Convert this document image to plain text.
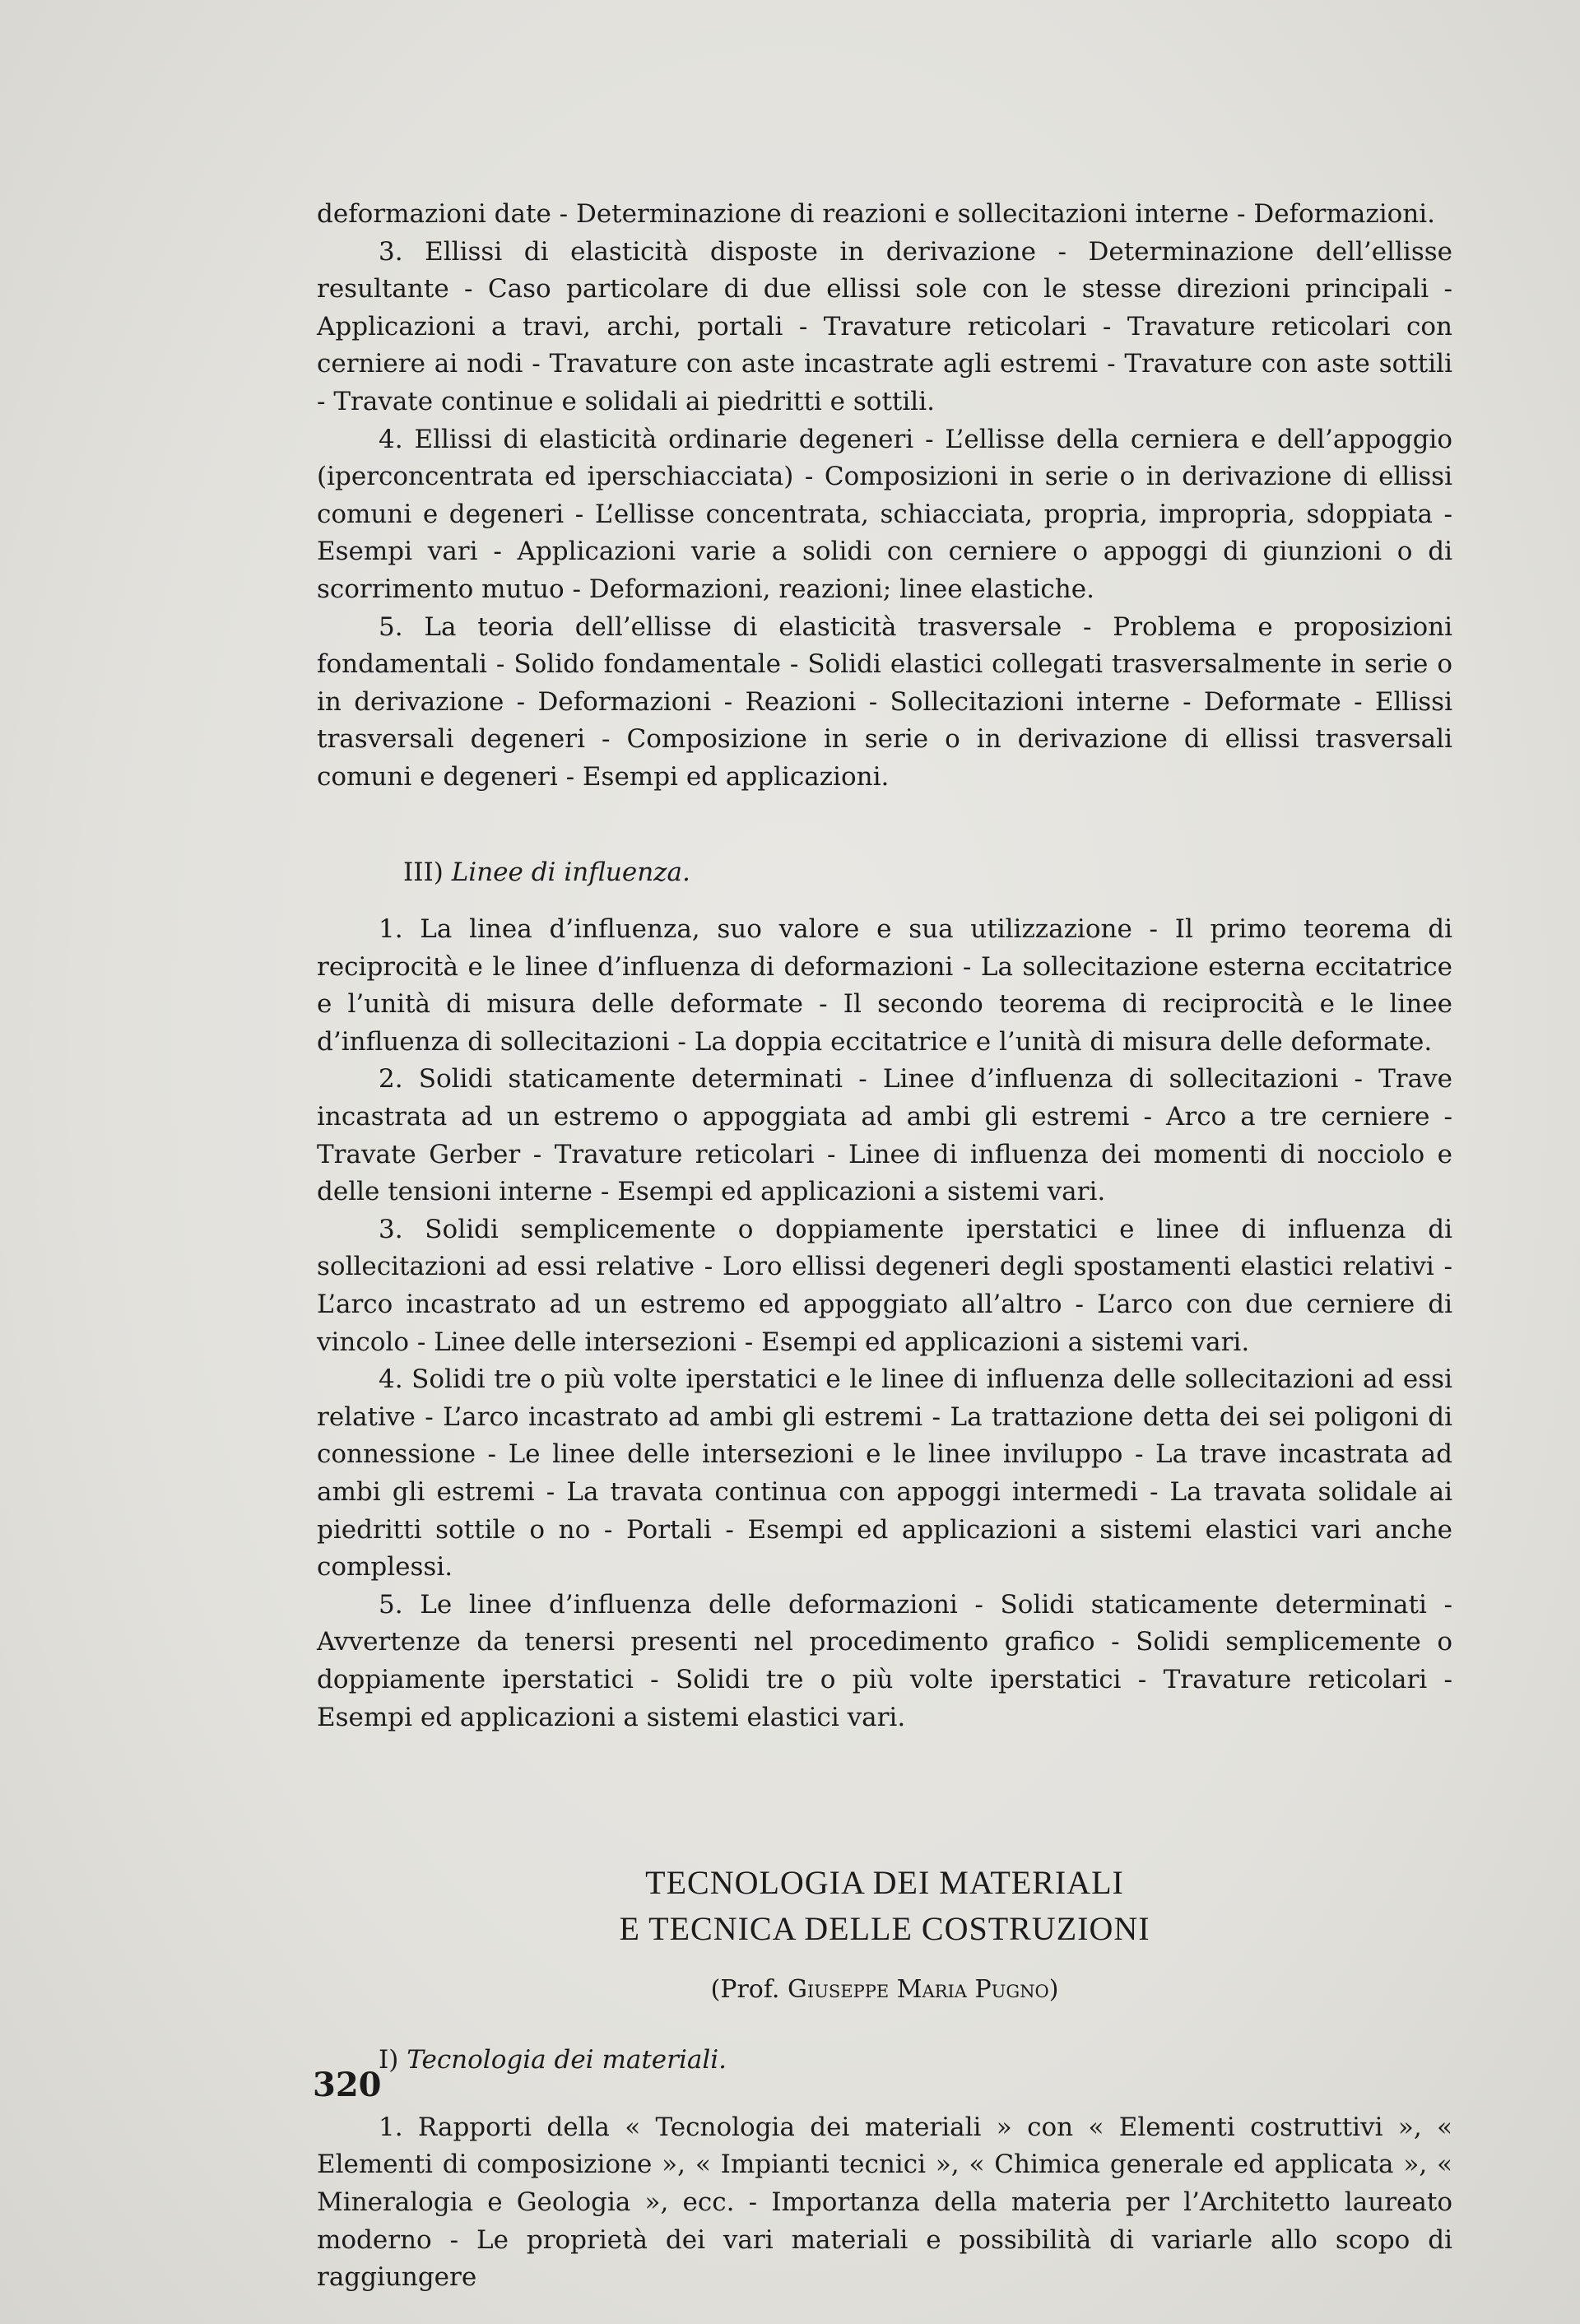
deformazioni date - Determinazione di reazioni e sollecitazioni interne - Deformazioni.

3. Ellissi di elasticità disposte in derivazione - Determinazione dell’ellisse resultante - Caso particolare di due ellissi sole con le stesse direzioni principali - Applicazioni a travi, archi, portali - Travature reticolari - Travature reticolari con cerniere ai nodi - Travature con aste incastrate agli estremi - Travature con aste sottili - Travate continue e solidali ai piedritti e sottili.

4. Ellissi di elasticità ordinarie degeneri - L’ellisse della cerniera e dell’appoggio (iperconcentrata ed iperschiacciata) - Composizioni in serie o in derivazione di ellissi comuni e degeneri - L’ellisse concentrata, schiacciata, propria, impropria, sdoppiata - Esempi vari - Applicazioni varie a solidi con cerniere o appoggi di giunzioni o di scorrimento mutuo - Deformazioni, reazioni; linee elastiche.

5. La teoria dell’ellisse di elasticità trasversale - Problema e proposizioni fondamentali - Solido fondamentale - Solidi elastici collegati trasversalmente in serie o in derivazione - Deformazioni - Reazioni - Sollecitazioni interne - Deformate - Ellissi trasversali degeneri - Composizione in serie o in derivazione di ellissi trasversali comuni e degeneri - Esempi ed applicazioni.

III) Linee di influenza.

1. La linea d’influenza, suo valore e sua utilizzazione - Il primo teorema di reciprocità e le linee d’influenza di deformazioni - La sollecitazione esterna eccitatrice e l’unità di misura delle deformate - Il secondo teorema di reciprocità e le linee d’influenza di sollecitazioni - La doppia eccitatrice e l’unità di misura delle deformate.

2. Solidi staticamente determinati - Linee d’influenza di sollecitazioni - Trave incastrata ad un estremo o appoggiata ad ambi gli estremi - Arco a tre cerniere - Travate Gerber - Travature reticolari - Linee di influenza dei momenti di nocciolo e delle tensioni interne - Esempi ed applicazioni a sistemi vari.

3. Solidi semplicemente o doppiamente iperstatici e linee di influenza di sollecitazioni ad essi relative - Loro ellissi degeneri degli spostamenti elastici relativi - L’arco incastrato ad un estremo ed appoggiato all’altro - L’arco con due cerniere di vincolo - Linee delle intersezioni - Esempi ed applicazioni a sistemi vari.

4. Solidi tre o più volte iperstatici e le linee di influenza delle sollecitazioni ad essi relative - L’arco incastrato ad ambi gli estremi - La trattazione detta dei sei poligoni di connessione - Le linee delle intersezioni e le linee inviluppo - La trave incastrata ad ambi gli estremi - La travata continua con appoggi intermedi - La travata solidale ai piedritti sottile o no - Portali - Esempi ed applicazioni a sistemi elastici vari anche complessi.

5. Le linee d’influenza delle deformazioni - Solidi staticamente determinati - Avvertenze da tenersi presenti nel procedimento grafico - Solidi semplicemente o doppiamente iperstatici - Solidi tre o più volte iperstatici - Travature reticolari - Esempi ed applicazioni a sistemi elastici vari.

TECNOLOGIA DEI MATERIALI
E TECNICA DELLE COSTRUZIONI
(Prof. Giuseppe Maria Pugno)

I) Tecnologia dei materiali.

1. Rapporti della « Tecnologia dei materiali » con « Elementi costruttivi », « Elementi di composizione », « Impianti tecnici », « Chimica generale ed applicata », « Mineralogia e Geologia », ecc. - Importanza della materia per l’Architetto laureato moderno - Le proprietà dei vari materiali e possibilità di variarle allo scopo di raggiungere

320
